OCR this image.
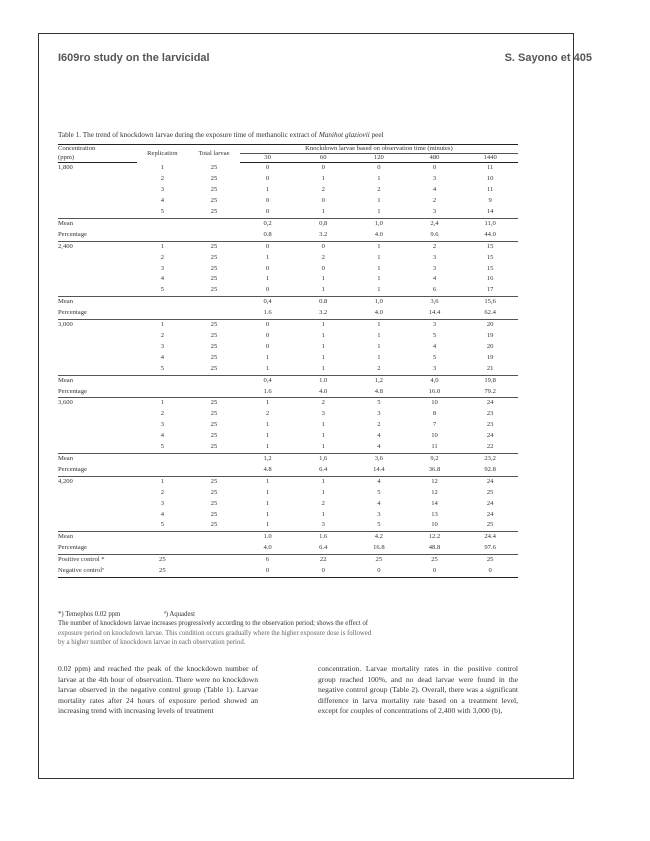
I609ro study on the larvicidal	S. Sayono et 405
Table 1. The trend of knockdown larvae during the exposure time of methanolic extract of Manihot glaziovii peel
Concentration	Replication	Total larvae	Knockdown larvae based on observation time (minutes)				
(ppm)			30	60	120	480	1440
1,800	1	25	0	0	0	0	11
	2	25	0	1	1	3	10
	3	25	1	2	2	4	11
	4	25	0	0	1	2	9
	5	25	0	1	1	3	14
Mean			0,2	0,8	1,0	2,4	11,0
Percentage			0.8	3.2	4.0	9.6	44.0
2,400	1	25	0	0	1	2	15
	2	25	1	2	1	3	15
	3	25	0	0	1	3	15
	4	25	1	1	1	4	16
	5	25	0	1	1	6	17
Mean			0,4	0.8	1,0	3,6	15,6
Percentage			1.6	3.2	4.0	14.4	62.4
3,000	1	25	0	1	1	3	20
	2	25	0	1	1	5	19
	3	25	0	1	1	4	20
	4	25	1	1	1	5	19
	5	25	1	1	2	3	21
Mean			0,4	1.0	1,2	4,0	19,8
Percentage			1.6	4.0	4.8	16.0	79.2
3,600	1	25	1	2	5	10	24
	2	25	2	3	3	8	23
	3	25	1	1	2	7	23
	4	25	1	1	4	10	24
	5	25	1	1	4	11	22
Mean			1,2	1,6	3,6	9,2	23,2
Percentage			4.8	6.4	14.4	36.8	92.8
4,200	1	25	1	1	4	12	24
	2	25	1	1	5	12	25
	3	25	1	2	4	14	24
	4	25	1	1	3	13	24
	5	25	1	3	5	10	25
Mean			1.0	1.6	4.2	12.2	24.4
Percentage			4.0	6.4	16.8	48.8	97.6
Positive control *	25		6	22	25	25	25
Negative controlª	25		0	0	0	0	0
*) Temephos 0.02 ppm	ª) Aquadest
The number of knockdown larvae increases progressively according to the observation period; shows the effect of
exposure period on knockdown larvae. This condition occurs gradually where the higher exposure dose is followed
by a higher number of knockdown larvae in each observation period.
0.02 ppm) and reached the peak of the knockdown number of larvae at the 4th hour of observation. There were no knockdown larvae observed in the negative control group (Table 1). Larvae mortality rates after 24 hours of exposure period showed an increasing trend with increasing levels of treatment
concentration. Larvae mortality rates in the positive control group reached 100%, and no dead larvae were found in the negative control group (Table 2). Overall, there was a significant difference in larva mortality rate based on a treatment level, except for couples of concentrations of 2,400 with 3,000 (b),
